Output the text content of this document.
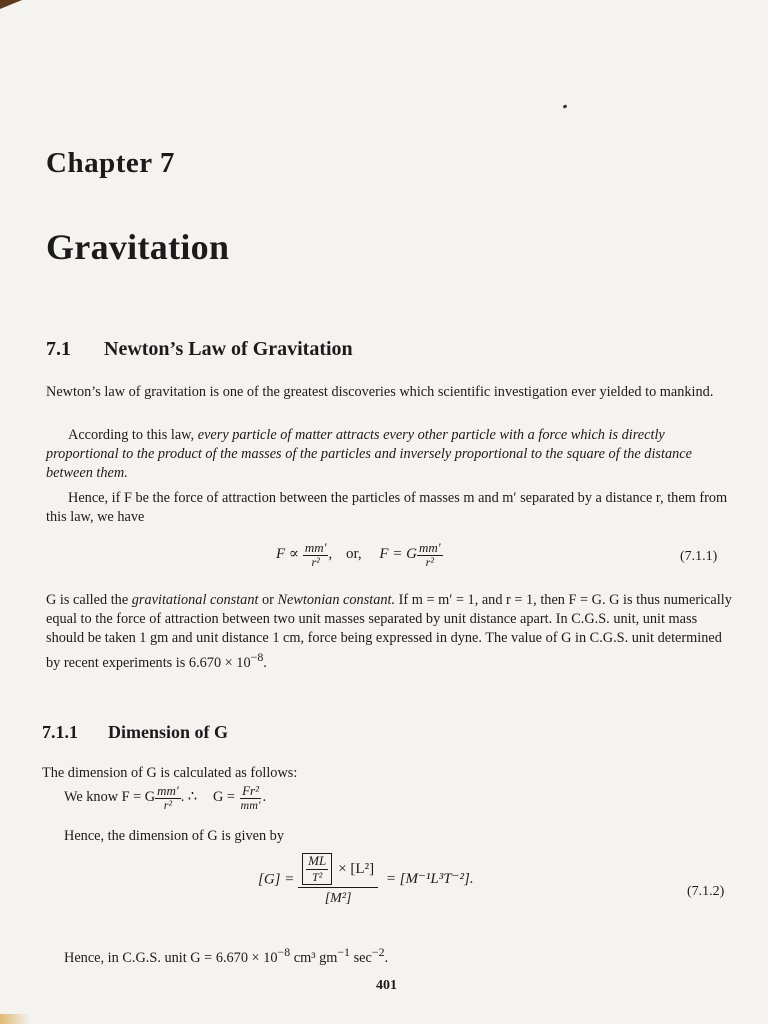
Chapter 7
Gravitation
7.1 Newton’s Law of Gravitation
Newton’s law of gravitation is one of the greatest discoveries which scientific investigation ever yielded to mankind.
According to this law, every particle of matter attracts every other particle with a force which is directly proportional to the product of the masses of the particles and inversely proportional to the square of the distance between them.
Hence, if F be the force of attraction between the particles of masses m and m′ separated by a distance r, them from this law, we have
$F \propto \frac{mm'}{\text{r²}}$ , or, F = G $\frac{mm'}{\text{r²}}$	(7.1.1)
G is called the gravitational constant or Newtonian constant. If m = m′ = 1, and r = 1, then F = G. G is thus numerically equal to the force of attraction between two unit masses separated by unit distance apart. In C.G.S. unit, unit mass should be taken 1 gm and unit distance 1 cm, force being expressed in dyne. The value of G in C.G.S. unit determined by recent experiments is $6.670 \times 10^{-8}$.
7.1.1 Dimension of G
The dimension of G is calculated as follows:
We know F = G $\frac{mm'}{\text{r²}}$ . ∴ $G = \frac{\text{Fr²}}{mm'}$ .
Hence, the dimension of G is given by
$[G] = \frac{\frac{ML}{\text{T²}} \times [L^2]}{\text{[M²]}} = [M^{-1}L^3T^{-2}]$.
(7.1.2)
Hence, in C.G.S. unit $G = 6.670 \times 10^{-8}$ cm³ $gm^{-1}$ $\sec^{-2}$.
401
